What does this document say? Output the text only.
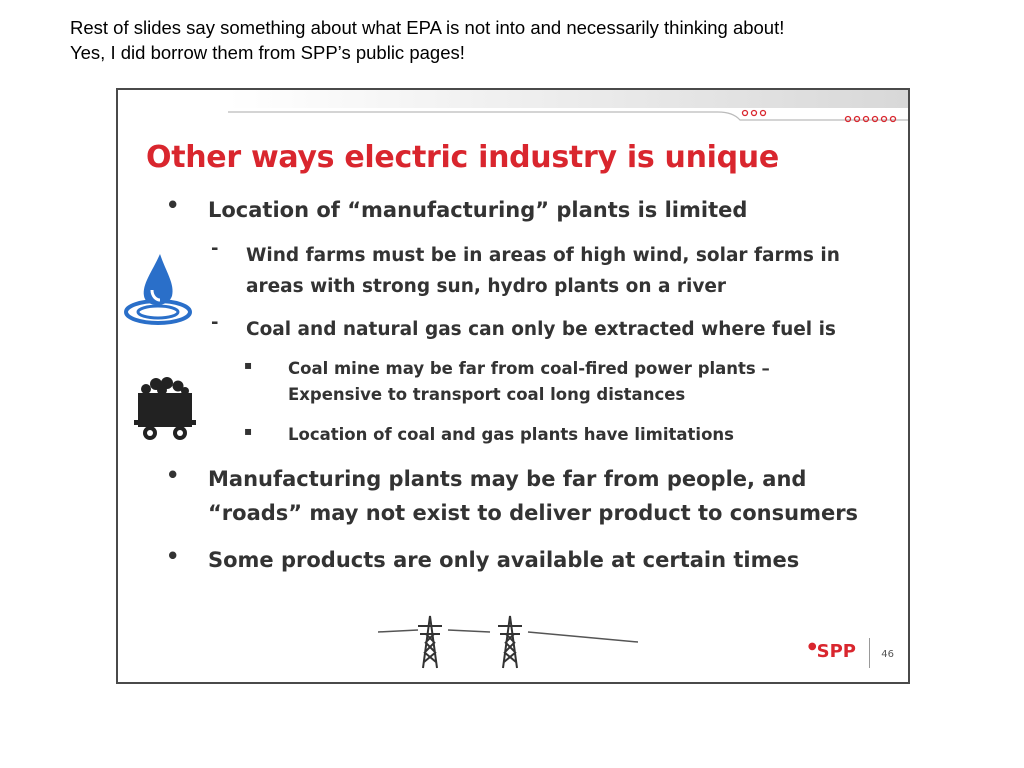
Rest of slides say something about what EPA is not into and necessarily thinking about!
Yes, I did borrow them from SPP’s public pages!
Other ways electric industry is unique
• Location of “manufacturing” plants is limited
- Wind farms must be in areas of high wind, solar farms in
areas with strong sun, hydro plants on a river
- Coal and natural gas can only be extracted where fuel is
▪ Coal mine may be far from coal-fired power plants –
Expensive to transport coal long distances
▪ Location of coal and gas plants have limitations
• Manufacturing plants may be far from people, and
“roads” may not exist to deliver product to consumers
• Some products are only available at certain times
●SPP	46
